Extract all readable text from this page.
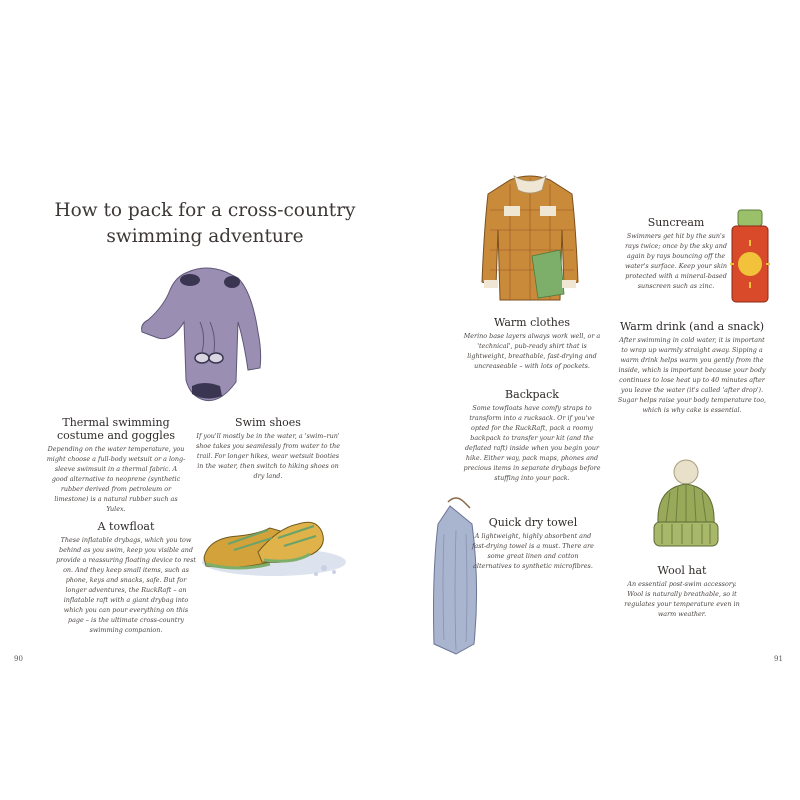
How to pack for a cross-country swimming adventure
Thermal swimming costume and goggles

Depending on the water temperature, you might choose a full-body wetsuit or a long-sleeve swimsuit in a thermal fabric. A good alternative to neoprene (synthetic rubber derived from petroleum or limestone) is a natural rubber such as Yulex.

Swim shoes

If you'll mostly be in the water, a 'swim–run' shoe takes you seamlessly from water to the trail. For longer hikes, wear wetsuit booties in the water, then switch to hiking shoes on dry land.

A towfloat

These inflatable drybags, which you tow behind as you swim, keep you visible and provide a reassuring floating device to rest on. And they keep small items, such as phone, keys and snacks, safe. But for longer adventures, the RuckRaft – an inflatable raft with a giant drybag into which you can pour everything on this page – is the ultimate cross-country swimming companion.

90
Warm clothes

Merino base layers always work well, or a 'technical', pub-ready shirt that is lightweight, breathable, fast-drying and uncreaseable – with lots of pockets.

Backpack

Some towfloats have comfy straps to transform into a rucksack. Or if you've opted for the RuckRaft, pack a roomy backpack to transfer your kit (and the deflated raft) inside when you begin your hike. Either way, pack maps, phones and precious items in separate drybags before stuffing into your pack.

Quick dry towel

A lightweight, highly absorbent and fast-drying towel is a must. There are some great linen and cotton alternatives to synthetic microfibres.

Suncream

Swimmers get hit by the sun's rays twice; once by the sky and again by rays bouncing off the water's surface. Keep your skin protected with a mineral-based sunscreen such as zinc.

Warm drink (and a snack)

After swimming in cold water, it is important to wrap up warmly straight away. Sipping a warm drink helps warm you gently from the inside, which is important because your body continues to lose heat up to 40 minutes after you leave the water (it's called 'after drop'). Sugar helps raise your body temperature too, which is why cake is essential.

Wool hat

An essential post-swim accessory. Wool is naturally breathable, so it regulates your temperature even in warm weather.

91
